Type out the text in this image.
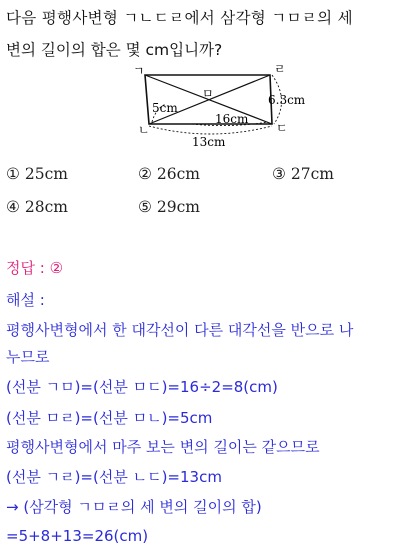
다음 평행사변형 ㄱㄴㄷㄹ에서 삼각형 ㄱㅁㄹ의 세
변의 길이의 합은 몇 cm입니까?
ㄱ	ㄹ
ㄴ	ㄷ
ㅁ	6.3cm
5cm
16cm
13cm
① 25cm	② 26cm	③ 27cm
④ 28cm	⑤ 29cm
정답 : ②
해설 :
평행사변형에서 한 대각선이 다른 대각선을 반으로 나
누므로
(선분 ㄱㅁ)=(선분 ㅁㄷ)=16÷2=8(cm)
(선분 ㅁㄹ)=(선분 ㅁㄴ)=5cm
평행사변형에서 마주 보는 변의 길이는 같으므로
(선분 ㄱㄹ)=(선분 ㄴㄷ)=13cm
→ (삼각형 ㄱㅁㄹ의 세 변의 길이의 합)
=5+8+13=26(cm)
